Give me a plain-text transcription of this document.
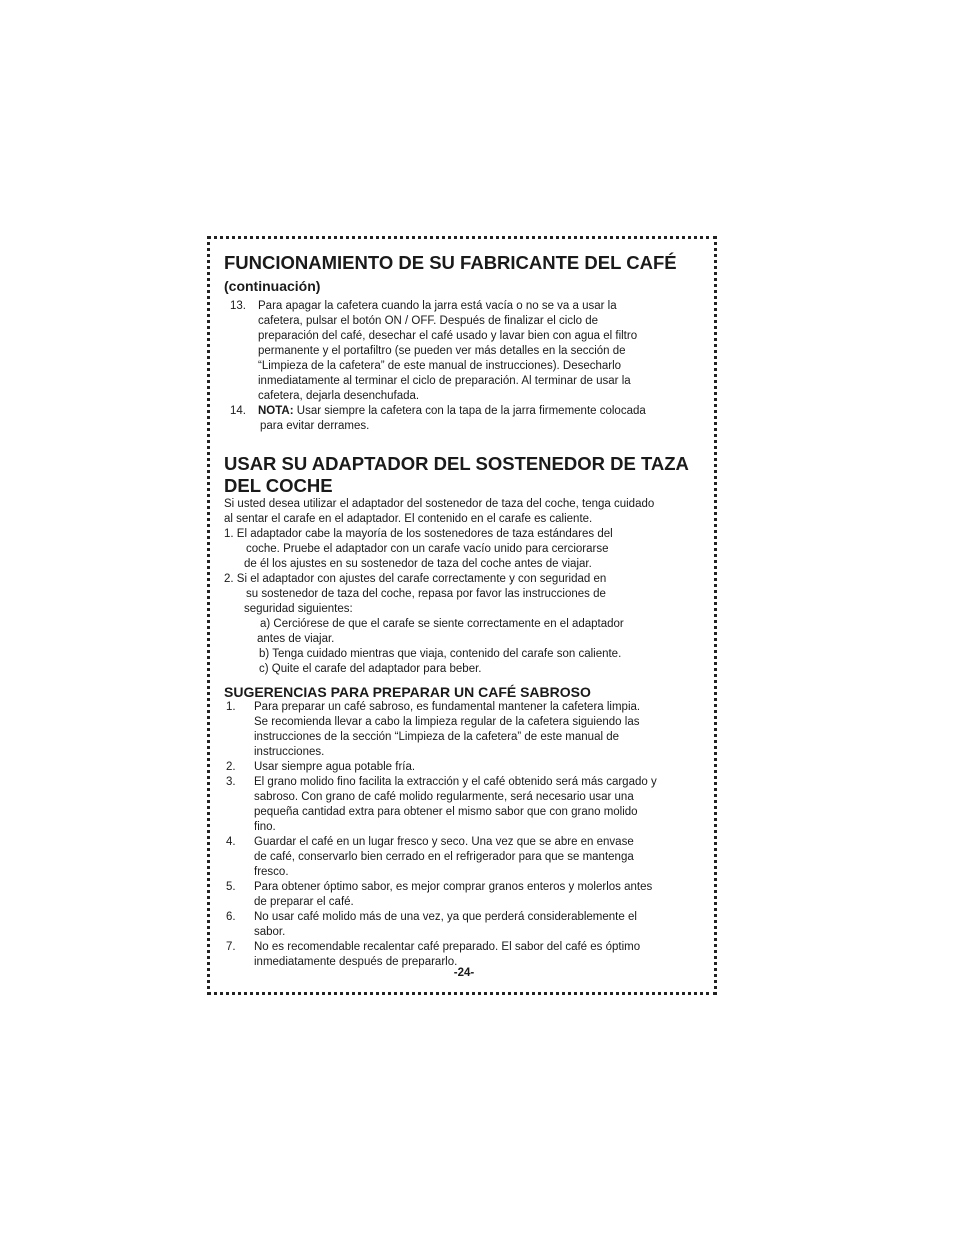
FUNCIONAMIENTO DE SU FABRICANTE DEL CAFÉ
(continuación)
13. Para apagar la cafetera cuando la jarra está vacía o no se va a usar la
cafetera, pulsar el botón ON / OFF. Después de finalizar el ciclo de
preparación del café, desechar el café usado y lavar bien con agua el filtro
permanente y el portafiltro (se pueden ver más detalles en la sección de
“Limpieza de la cafetera” de este manual de instrucciones). Desecharlo
inmediatamente al terminar el ciclo de preparación. Al terminar de usar la
cafetera, dejarla desenchufada.
14. NOTA: Usar siempre la cafetera con la tapa de la jarra firmemente colocada
para evitar derrames.
USAR SU ADAPTADOR DEL SOSTENEDOR DE TAZA
DEL COCHE
Si usted desea utilizar el adaptador del sostenedor de taza del coche, tenga cuidado
al sentar el carafe en el adaptador. El contenido en el carafe es caliente.
1. El adaptador cabe la mayoría de los sostenedores de taza estándares del
coche. Pruebe el adaptador con un carafe vacío unido para cerciorarse
de él los ajustes en su sostenedor de taza del coche antes de viajar.
2. Si el adaptador con ajustes del carafe correctamente y con seguridad en
su sostenedor de taza del coche, repasa por favor las instrucciones de
seguridad siguientes:
a) Cerciórese de que el carafe se siente correctamente en el adaptador
antes de viajar.
b) Tenga cuidado mientras que viaja, contenido del carafe son caliente.
c) Quite el carafe del adaptador para beber.
SUGERENCIAS PARA PREPARAR UN CAFÉ SABROSO
1. Para preparar un café sabroso, es fundamental mantener la cafetera limpia.
Se recomienda llevar a cabo la limpieza regular de la cafetera siguiendo las
instrucciones de la sección “Limpieza de la cafetera” de este manual de
instrucciones.
2. Usar siempre agua potable fría.
3. El grano molido fino facilita la extracción y el café obtenido será más cargado y
sabroso. Con grano de café molido regularmente, será necesario usar una
pequeña cantidad extra para obtener el mismo sabor que con grano molido
fino.
4. Guardar el café en un lugar fresco y seco. Una vez que se abre en envase
de café, conservarlo bien cerrado en el refrigerador para que se mantenga
fresco.
5. Para obtener óptimo sabor, es mejor comprar granos enteros y molerlos antes
de preparar el café.
6. No usar café molido más de una vez, ya que perderá considerablemente el
sabor.
7. No es recomendable recalentar café preparado. El sabor del café es óptimo
inmediatamente después de prepararlo.
-24-
